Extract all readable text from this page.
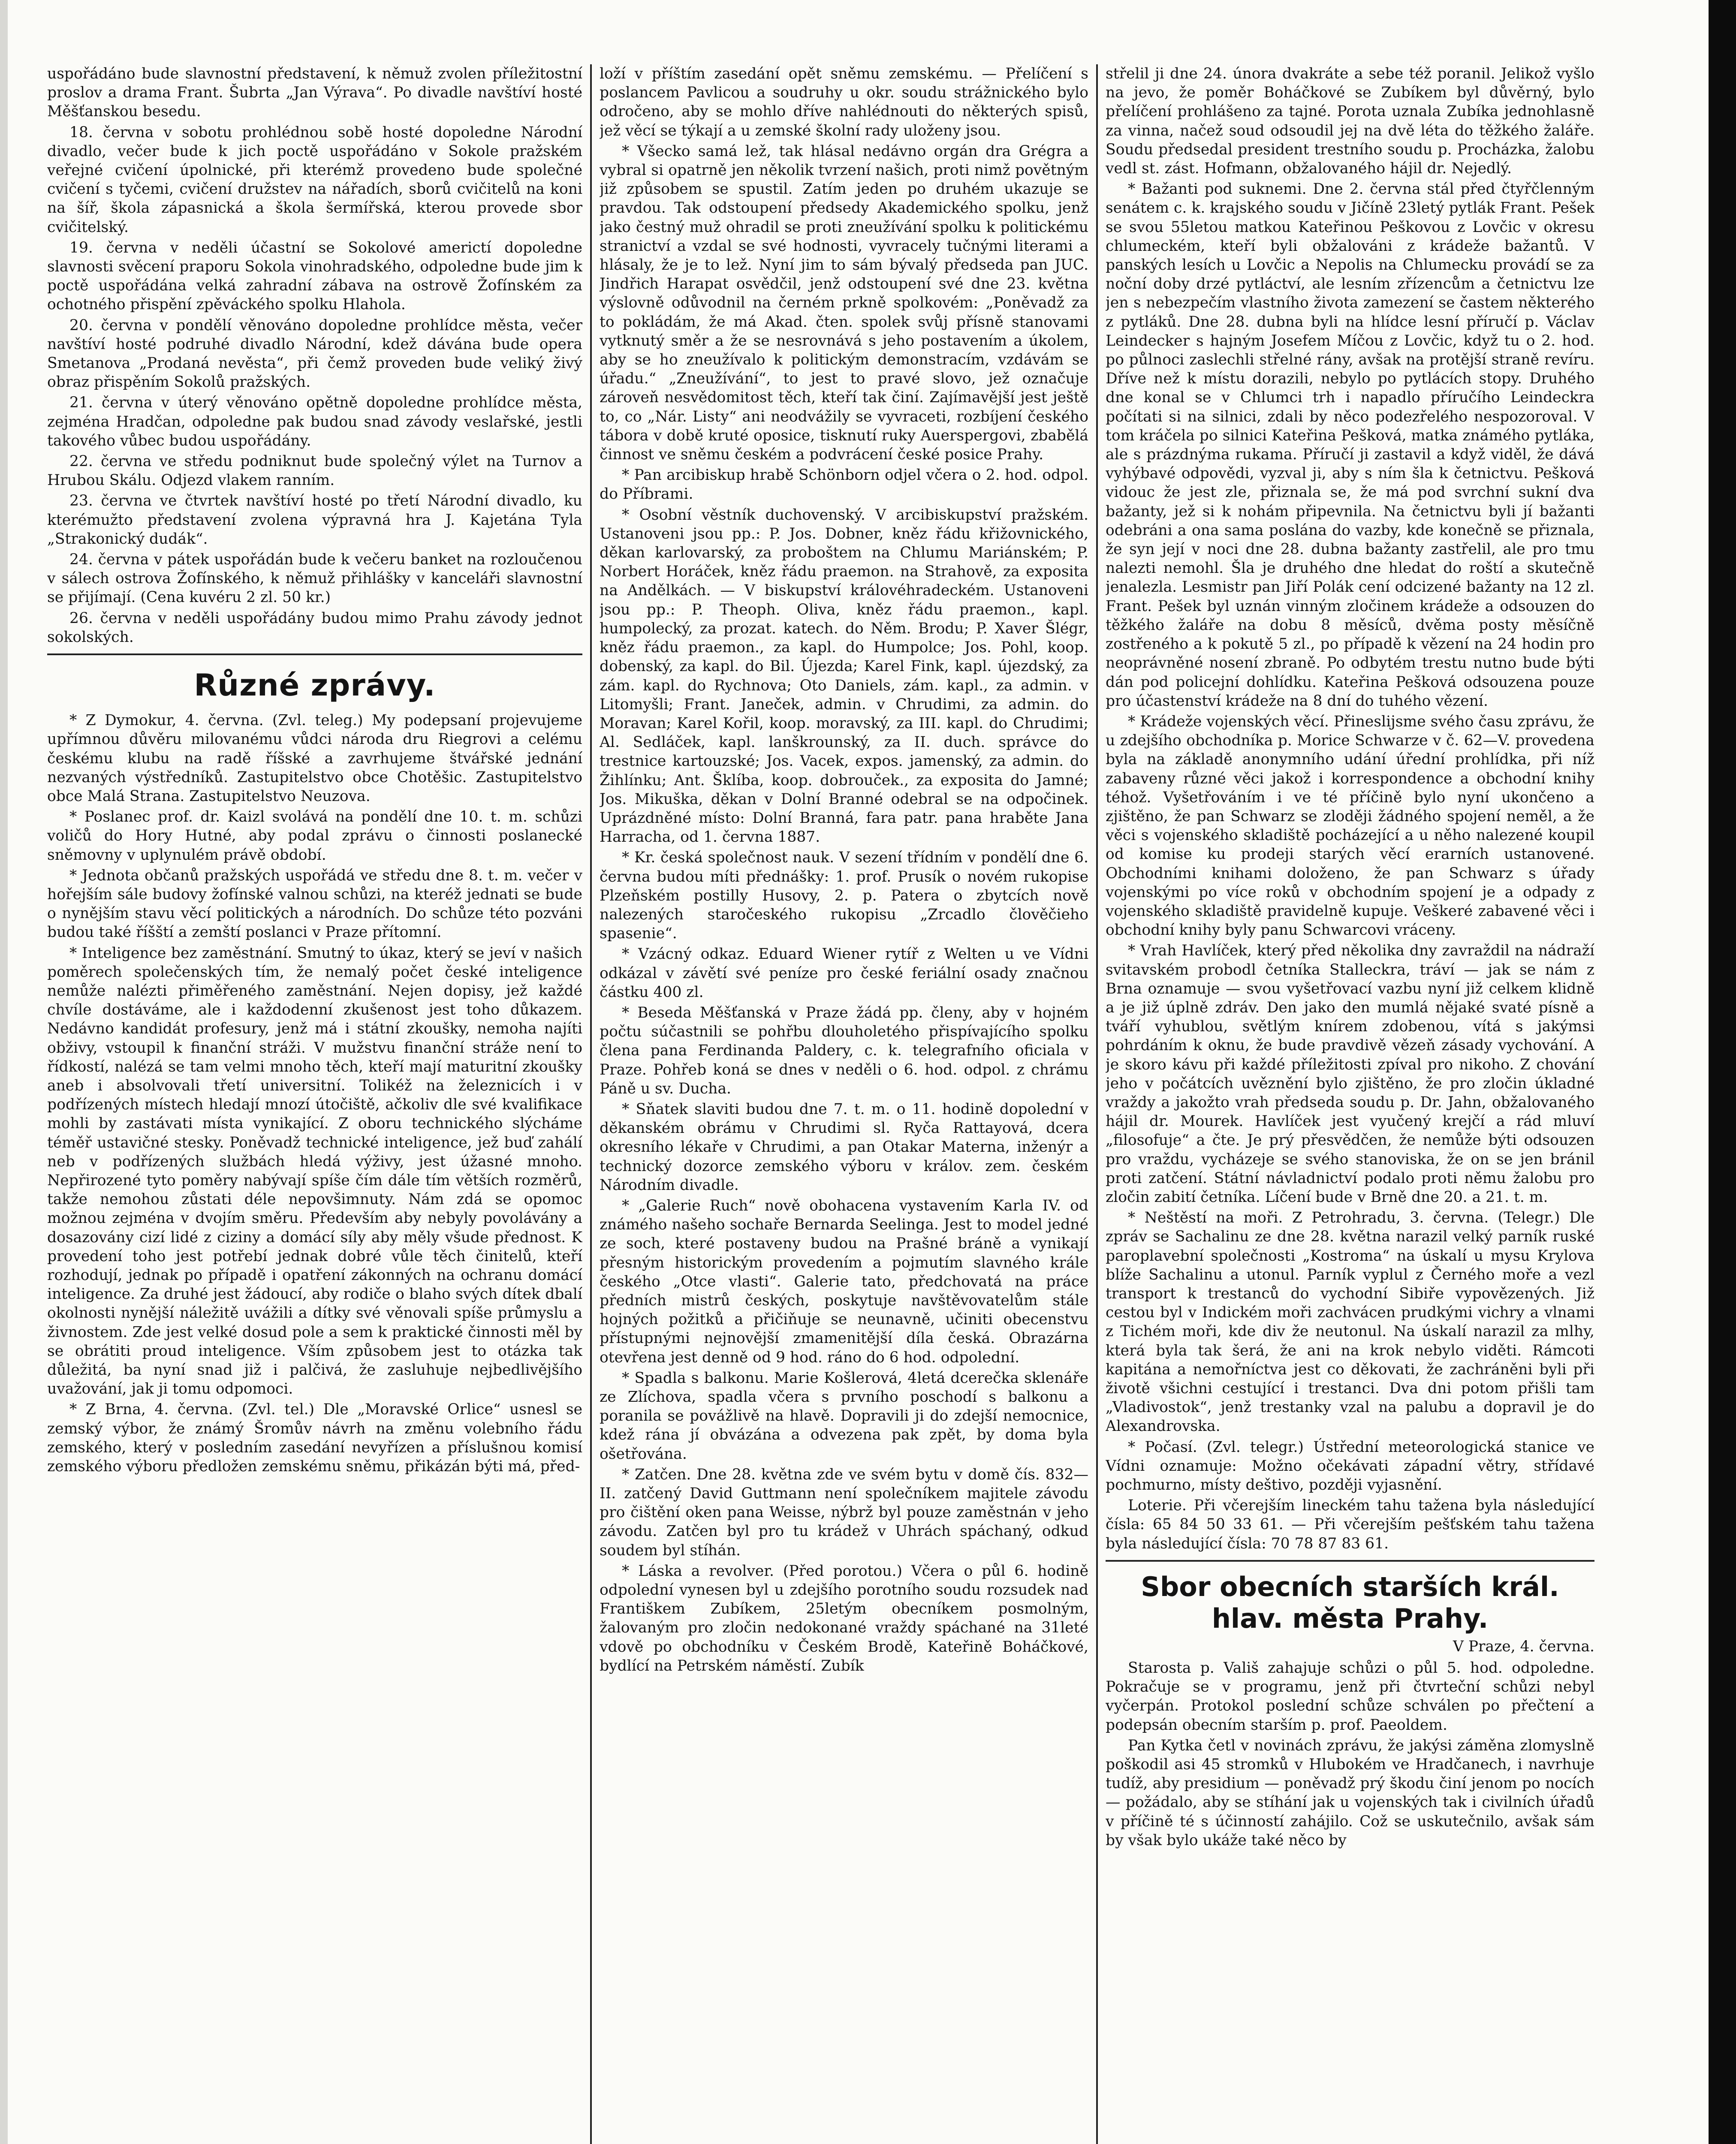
uspořádáno bude slavnostní představení, k němuž zvolen příležitostní proslov a drama Frant. Šubrta „Jan Výrava“. Po divadle navštíví hosté Měšťanskou besedu.

18. června v sobotu prohlédnou sobě hosté dopoledne Národní divadlo, večer bude k jich poctě uspořádáno v Sokole pražském veřejné cvičení úpolnické, při kterémž provedeno bude společné cvičení s tyčemi, cvičení družstev na nářadích, sborů cvičitelů na koni na šíř, škola zápasnická a škola šermířská, kterou provede sbor cvičitelský.

19. června v neděli účastní se Sokolové americtí dopoledne slavnosti svěcení praporu Sokola vinohradského, odpoledne bude jim k poctě uspořádána velká zahradní zábava na ostrově Žofínském za ochotného přispění zpěváckého spolku Hlahola.

20. června v pondělí věnováno dopoledne prohlídce města, večer navštíví hosté podruhé divadlo Národní, kdež dávána bude opera Smetanova „Prodaná nevěsta“, při čemž proveden bude veliký živý obraz přispěním Sokolů pražských.

21. června v úterý věnováno opětně dopoledne prohlídce města, zejména Hradčan, odpoledne pak budou snad závody veslařské, jestli takového vůbec budou uspořádány.

22. června ve středu podniknut bude společný výlet na Turnov a Hrubou Skálu. Odjezd vlakem ranním.

23. června ve čtvrtek navštíví hosté po třetí Národní divadlo, ku kterémužto představení zvolena výpravná hra J. Kajetána Tyla „Strakonický dudák“.

24. června v pátek uspořádán bude k večeru banket na rozloučenou v sálech ostrova Žofínského, k němuž přihlášky v kanceláři slavnostní se přijímají. (Cena kuvéru 2 zl. 50 kr.)

26. června v neděli uspořádány budou mimo Prahu závody jednot sokolských.

Různé zprávy.

* Z Dymokur, 4. června. (Zvl. teleg.) My podepsaní projevujeme upřímnou důvěru milovanému vůdci národa dru Riegrovi a celému českému klubu na radě říšské a zavrhujeme štvářské jednání nezvaných výstředníků. Zastupitelstvo obce Chotěšic. Zastupitelstvo obce Malá Strana. Zastupitelstvo Neuzova.

* Poslanec prof. dr. Kaizl svolává na pondělí dne 10. t. m. schůzi voličů do Hory Hutné, aby podal zprávu o činnosti poslanecké sněmovny v uplynulém právě období.

* Jednota občanů pražských uspořádá ve středu dne 8. t. m. večer v hořejším sále budovy žofínské valnou schůzi, na kteréž jednati se bude o nynějším stavu věcí politických a národních. Do schůze této pozváni budou také říšští a zemští poslanci v Praze přítomní.

* Inteligence bez zaměstnání. Smutný to úkaz, který se jeví v našich poměrech společenských tím, že nemalý počet české inteligence nemůže nalézti přiměřeného zaměstnání. Nejen dopisy, jež každé chvíle dostáváme, ale i každodenní zkušenost jest toho důkazem. Nedávno kandidát profesury, jenž má i státní zkoušky, nemoha najíti obživy, vstoupil k finanční stráži. V mužstvu finanční stráže není to řídkostí, nalézá se tam velmi mnoho těch, kteří mají maturitní zkoušky aneb i absolvovali třetí universitní. Tolikéž na železnicích i v podřízených místech hledají mnozí útočiště, ačkoliv dle své kvalifikace mohli by zastávati místa vynikající. Z oboru technického slýcháme téměř ustavičné stesky. Poněvadž technické inteligence, jež buď zahálí neb v podřízených službách hledá výživy, jest úžasné mnoho. Nepřirozené tyto poměry nabývají spíše čím dále tím větších rozměrů, takže nemohou zůstati déle nepovšimnuty. Nám zdá se opomoc možnou zejména v dvojím směru. Především aby nebyly povolávány a dosazovány cizí lidé z ciziny a domácí síly aby měly všude přednost. K provedení toho jest potřebí jednak dobré vůle těch činitelů, kteří rozhodují, jednak po případě i opatření zákonných na ochranu domácí inteligence. Za druhé jest žádoucí, aby rodiče o blaho svých dítek dbalí okolnosti nynější náležitě uvážili a dítky své věnovali spíše průmyslu a živnostem. Zde jest velké dosud pole a sem k praktické činnosti měl by se obrátiti proud inteligence. Vším způsobem jest to otázka tak důležitá, ba nyní snad již i palčivá, že zasluhuje nejbedlivějšího uvažování, jak ji tomu odpomoci.

* Z Brna, 4. června. (Zvl. tel.) Dle „Moravské Orlice“ usnesl se zemský výbor, že známý Šromův návrh na změnu volebního řádu zemského, který v posledním zasedání nevyřízen a příslušnou komisí zemského výboru předložen zemskému sněmu, přikázán býti má, před-

loží v příštím zasedání opět sněmu zemskému. — Přelíčení s poslancem Pavlicou a soudruhy u okr. soudu strážnického bylo odročeno, aby se mohlo dříve nahlédnouti do některých spisů, jež věcí se týkají a u zemské školní rady uloženy jsou.

* Všecko samá lež, tak hlásal nedávno orgán dra Grégra a vybral si opatrně jen několik tvrzení našich, proti nimž povětným již způsobem se spustil. Zatím jeden po druhém ukazuje se pravdou. Tak odstoupení předsedy Akademického spolku, jenž jako čestný muž ohradil se proti zneužívání spolku k politickému stranictví a vzdal se své hodnosti, vyvracely tučnými literami a hlásaly, že je to lež. Nyní jim to sám bývalý předseda pan JUC. Jindřich Harapat osvědčil, jenž odstoupení své dne 23. května výslovně odůvodnil na černém prkně spolkovém: „Poněvadž za to pokládám, že má Akad. čten. spolek svůj přísně stanovami vytknutý směr a že se nesrovnává s jeho postavením a úkolem, aby se ho zneužívalo k politickým demonstracím, vzdávám se úřadu.“ „Zneužívání“, to jest to pravé slovo, jež označuje zároveň nesvědomitost těch, kteří tak činí. Zajímavější jest ještě to, co „Nár. Listy“ ani neodvážily se vyvraceti, rozbíjení českého tábora v době kruté oposice, tisknutí ruky Auerspergovi, zbabělá činnost ve sněmu českém a podvrácení české posice Prahy.

* Pan arcibiskup hrabě Schönborn odjel včera o 2. hod. odpol. do Příbrami.

* Osobní věstník duchovenský. V arcibiskupství pražském. Ustanoveni jsou pp.: P. Jos. Dobner, kněz řádu křižovnického, děkan karlovarský, za proboštem na Chlumu Mariánském; P. Norbert Horáček, kněz řádu praemon. na Strahově, za exposita na Andělkách. — V biskupství královéhradeckém. Ustanoveni jsou pp.: P. Theoph. Oliva, kněz řádu praemon., kapl. humpolecký, za prozat. katech. do Něm. Brodu; P. Xaver Šlégr, kněz řádu praemon., za kapl. do Humpolce; Jos. Pohl, koop. dobenský, za kapl. do Bil. Újezda; Karel Fink, kapl. újezdský, za zám. kapl. do Rychnova; Oto Daniels, zám. kapl., za admin. v Litomyšli; Frant. Janeček, admin. v Chrudimi, za admin. do Moravan; Karel Kořil, koop. moravský, za III. kapl. do Chrudimi; Al. Sedláček, kapl. lanškrounský, za II. duch. správce do trestnice kartouzské; Jos. Vacek, expos. jamenský, za admin. do Žihlínku; Ant. Šklíba, koop. dobrouček., za exposita do Jamné; Jos. Mikuška, děkan v Dolní Branné odebral se na odpočinek. Uprázdněné místo: Dolní Branná, fara patr. pana hraběte Jana Harracha, od 1. června 1887.

* Kr. česká společnost nauk. V sezení třídním v pondělí dne 6. června budou míti přednášky: 1. prof. Prusík o novém rukopise Plzeňském postilly Husovy, 2. p. Patera o zbytcích nově nalezených staročeského rukopisu „Zrcadlo člověčieho spasenie“.

* Vzácný odkaz. Eduard Wiener rytíř z Welten u ve Vídni odkázal v závětí své peníze pro české feriální osady značnou částku 400 zl.

* Beseda Měšťanská v Praze žádá pp. členy, aby v hojném počtu súčastnili se pohřbu dlouholetého přispívajícího spolku člena pana Ferdinanda Paldery, c. k. telegrafního oficiala v Praze. Pohřeb koná se dnes v neděli o 6. hod. odpol. z chrámu Páně u sv. Ducha.

* Sňatek slaviti budou dne 7. t. m. o 11. hodině dopolední v děkanském obrámu v Chrudimi sl. Ryča Rattayová, dcera okresního lékaře v Chrudimi, a pan Otakar Materna, inženýr a technický dozorce zemského výboru v králov. zem. českém Národním divadle.

* „Galerie Ruch“ nově obohacena vystavením Karla IV. od známého našeho sochaře Bernarda Seelinga. Jest to model jedné ze soch, které postaveny budou na Prašné bráně a vynikají přesným historickým provedením a pojmutím slavného krále českého „Otce vlasti“. Galerie tato, předchovatá na práce předních mistrů českých, poskytuje navštěvovatelům stále hojných požitků a přičiňuje se neunavně, učiniti obecenstvu přístupnými nejnovější zmamenitější díla česká. Obrazárna otevřena jest denně od 9 hod. ráno do 6 hod. odpolední.

* Spadla s balkonu. Marie Košlerová, 4letá dcerečka sklenáře ze Zlíchova, spadla včera s prvního poschodí s balkonu a poranila se povážlivě na hlavě. Dopravili ji do zdejší nemocnice, kdež rána jí obvázána a odvezena pak zpět, by doma byla ošetřována.

* Zatčen. Dne 28. května zde ve svém bytu v domě čís. 832—II. zatčený David Guttmann není společníkem majitele závodu pro čištění oken pana Weisse, nýbrž byl pouze zaměstnán v jeho závodu. Zatčen byl pro tu krádež v Uhrách spáchaný, odkud soudem byl stíhán.

* Láska a revolver. (Před porotou.) Včera o půl 6. hodině odpolední vynesen byl u zdejšího porotního soudu rozsudek nad Františkem Zubíkem, 25letým obecníkem posmolným, žalovaným pro zločin nedokonané vraždy spáchané na 31leté vdově po obchodníku v Českém Brodě, Kateřině Boháčkové, bydlící na Petrském náměstí. Zubík

střelil ji dne 24. února dvakráte a sebe též poranil. Jelikož vyšlo na jevo, že poměr Boháčkové se Zubíkem byl důvěrný, bylo přelíčení prohlášeno za tajné. Porota uznala Zubíka jednohlasně za vinna, načež soud odsoudil jej na dvě léta do těžkého žaláře. Soudu předsedal president trestního soudu p. Procházka, žalobu vedl st. zást. Hofmann, obžalovaného hájil dr. Nejedlý.

* Bažanti pod suknemi. Dne 2. června stál před čtyřčlenným senátem c. k. krajského soudu v Jičíně 23letý pytlák Frant. Pešek se svou 55letou matkou Kateřinou Peškovou z Lovčic v okresu chlumeckém, kteří byli obžalováni z krádeže bažantů. V panských lesích u Lovčic a Nepolis na Chlumecku provádí se za noční doby drzé pytláctví, ale lesním zřízencům a četnictvu lze jen s nebezpečím vlastního života zamezení se častem některého z pytláků. Dne 28. dubna byli na hlídce lesní příručí p. Václav Leindecker s hajným Josefem Míčou z Lovčic, když tu o 2. hod. po půlnoci zaslechli střelné rány, avšak na protější straně revíru. Dříve než k místu dorazili, nebylo po pytlácích stopy. Druhého dne konal se v Chlumci trh i napadlo příručího Leindeckra počítati si na silnici, zdali by něco podezřelého nespozoroval. V tom kráčela po silnici Kateřina Pešková, matka známého pytláka, ale s prázdnýma rukama. Příručí ji zastavil a když viděl, že dává vyhýbavé odpovědi, vyzval ji, aby s ním šla k četnictvu. Pešková vidouc že jest zle, přiznala se, že má pod svrchní sukní dva bažanty, jež si k nohám připevnila. Na četnictvu byli jí bažanti odebráni a ona sama poslána do vazby, kde konečně se přiznala, že syn její v noci dne 28. dubna bažanty zastřelil, ale pro tmu nalezti nemohl. Šla je druhého dne hledat do roští a skutečně jenalezla. Lesmistr pan Jiří Polák cení odcizené bažanty na 12 zl. Frant. Pešek byl uznán vinným zločinem krádeže a odsouzen do těžkého žaláře na dobu 8 měsíců, dvěma posty měsíčně zostřeného a k pokutě 5 zl., po případě k vězení na 24 hodin pro neoprávněné nosení zbraně. Po odbytém trestu nutno bude býti dán pod policejní dohlídku. Kateřina Pešková odsouzena pouze pro účastenství krádeže na 8 dní do tuhého vězení.

* Krádeže vojenských věcí. Přineslijsme svého času zprávu, že u zdejšího obchodníka p. Morice Schwarze v č. 62—V. provedena byla na základě anonymního udání úřední prohlídka, při níž zabaveny různé věci jakož i korrespondence a obchodní knihy téhož. Vyšetřováním i ve té příčině bylo nyní ukončeno a zjištěno, že pan Schwarz se zloději žádného spojení neměl, a že věci s vojenského skladiště pocházející a u něho nalezené koupil od komise ku prodeji starých věcí erarních ustanovené. Obchodními knihami doloženo, že pan Schwarz s úřady vojenskými po více roků v obchodním spojení je a odpady z vojenského skladiště pravidelně kupuje. Veškeré zabavené věci i obchodní knihy byly panu Schwarcovi vráceny.

* Vrah Havlíček, který před několika dny zavraždil na nádraží svitavském probodl četníka Stalleckra, tráví — jak se nám z Brna oznamuje — svou vyšetřovací vazbu nyní již celkem klidně a je již úplně zdráv. Den jako den mumlá nějaké svaté písně a tváří vyhublou, světlým knírem zdobenou, vítá s jakýmsi pohrdáním k oknu, že bude pravdivě vězeň zásady vychování. A je skoro kávu při každé příležitosti zpíval pro nikoho. Z chování jeho v počátcích uvěznění bylo zjištěno, že pro zločin úkladné vraždy a jakožto vrah předseda soudu p. Dr. Jahn, obžalovaného hájil dr. Mourek. Havlíček jest vyučený krejčí a rád mluví „filosofuje“ a čte. Je prý přesvědčen, že nemůže býti odsouzen pro vraždu, vycházeje se svého stanoviska, že on se jen bránil proti zatčení. Státní návladnictví podalo proti němu žalobu pro zločin zabití četníka. Líčení bude v Brně dne 20. a 21. t. m.

* Neštěstí na moři. Z Petrohradu, 3. června. (Telegr.) Dle zpráv se Sachalinu ze dne 28. května narazil velký parník ruské paroplavební společnosti „Kostroma“ na úskalí u mysu Krylova blíže Sachalinu a utonul. Parník vyplul z Černého moře a vezl transport k trestanců do vychodní Sibiře vypovězených. Již cestou byl v Indickém moři zachvácen prudkými vichry a vlnami z Tichém moři, kde div že neutonul. Na úskalí narazil za mlhy, která byla tak šerá, že ani na krok nebylo viděti. Rámcoti kapitána a nemořníctva jest co děkovati, že zachráněni byli při životě všichni cestující i trestanci. Dva dni potom přišli tam „Vladivostok“, jenž trestanky vzal na palubu a dopravil je do Alexandrovska.

* Počasí. (Zvl. telegr.) Ústřední meteorologická stanice ve Vídni oznamuje: Možno očekávati západní větry, střídavé pochmurno, místy deštivo, později vyjasnění.

Loterie. Při včerejším lineckém tahu tažena byla následující čísla: 65 84 50 33 61. — Při včerejším pešťském tahu tažena byla následující čísla: 70 78 87 83 61.

Sbor obecních starších král. hlav. města Prahy.

V Praze, 4. června.

Starosta p. Vališ zahajuje schůzi o půl 5. hod. odpoledne. Pokračuje se v programu, jenž při čtvrteční schůzi nebyl vyčerpán. Protokol poslední schůze schválen po přečtení a podepsán obecním starším p. prof. Paeoldem.

Pan Kytka četl v novinách zprávu, že jakýsi záměna zlomyslně poškodil asi 45 stromků v Hlubokém ve Hradčanech, i navrhuje tudíž, aby presidium — poněvadž prý škodu činí jenom po nocích — požádalo, aby se stíhání jak u vojenských tak i civilních úřadů v příčině té s účinností zahájilo. Což se uskutečnilo, avšak sám by však bylo ukáže také něco by
